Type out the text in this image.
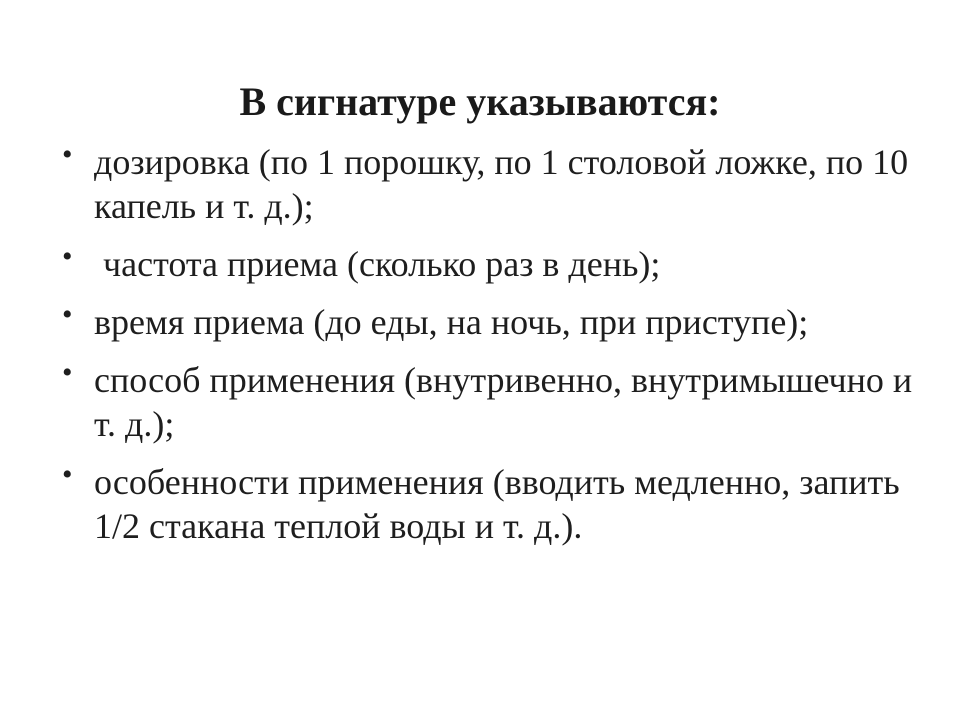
В сигнатуре указываются:
• дозировка (по 1 порошку, по 1 столовой ложке, по 10 капель и т. д.);
• частота приема (сколько раз в день);
• время приема (до еды, на ночь, при приступе);
• способ применения (внутривенно, внутримышечно и т. д.);
• особенности применения (вводить медленно, запить 1/2 стакана теплой воды и т. д.).
